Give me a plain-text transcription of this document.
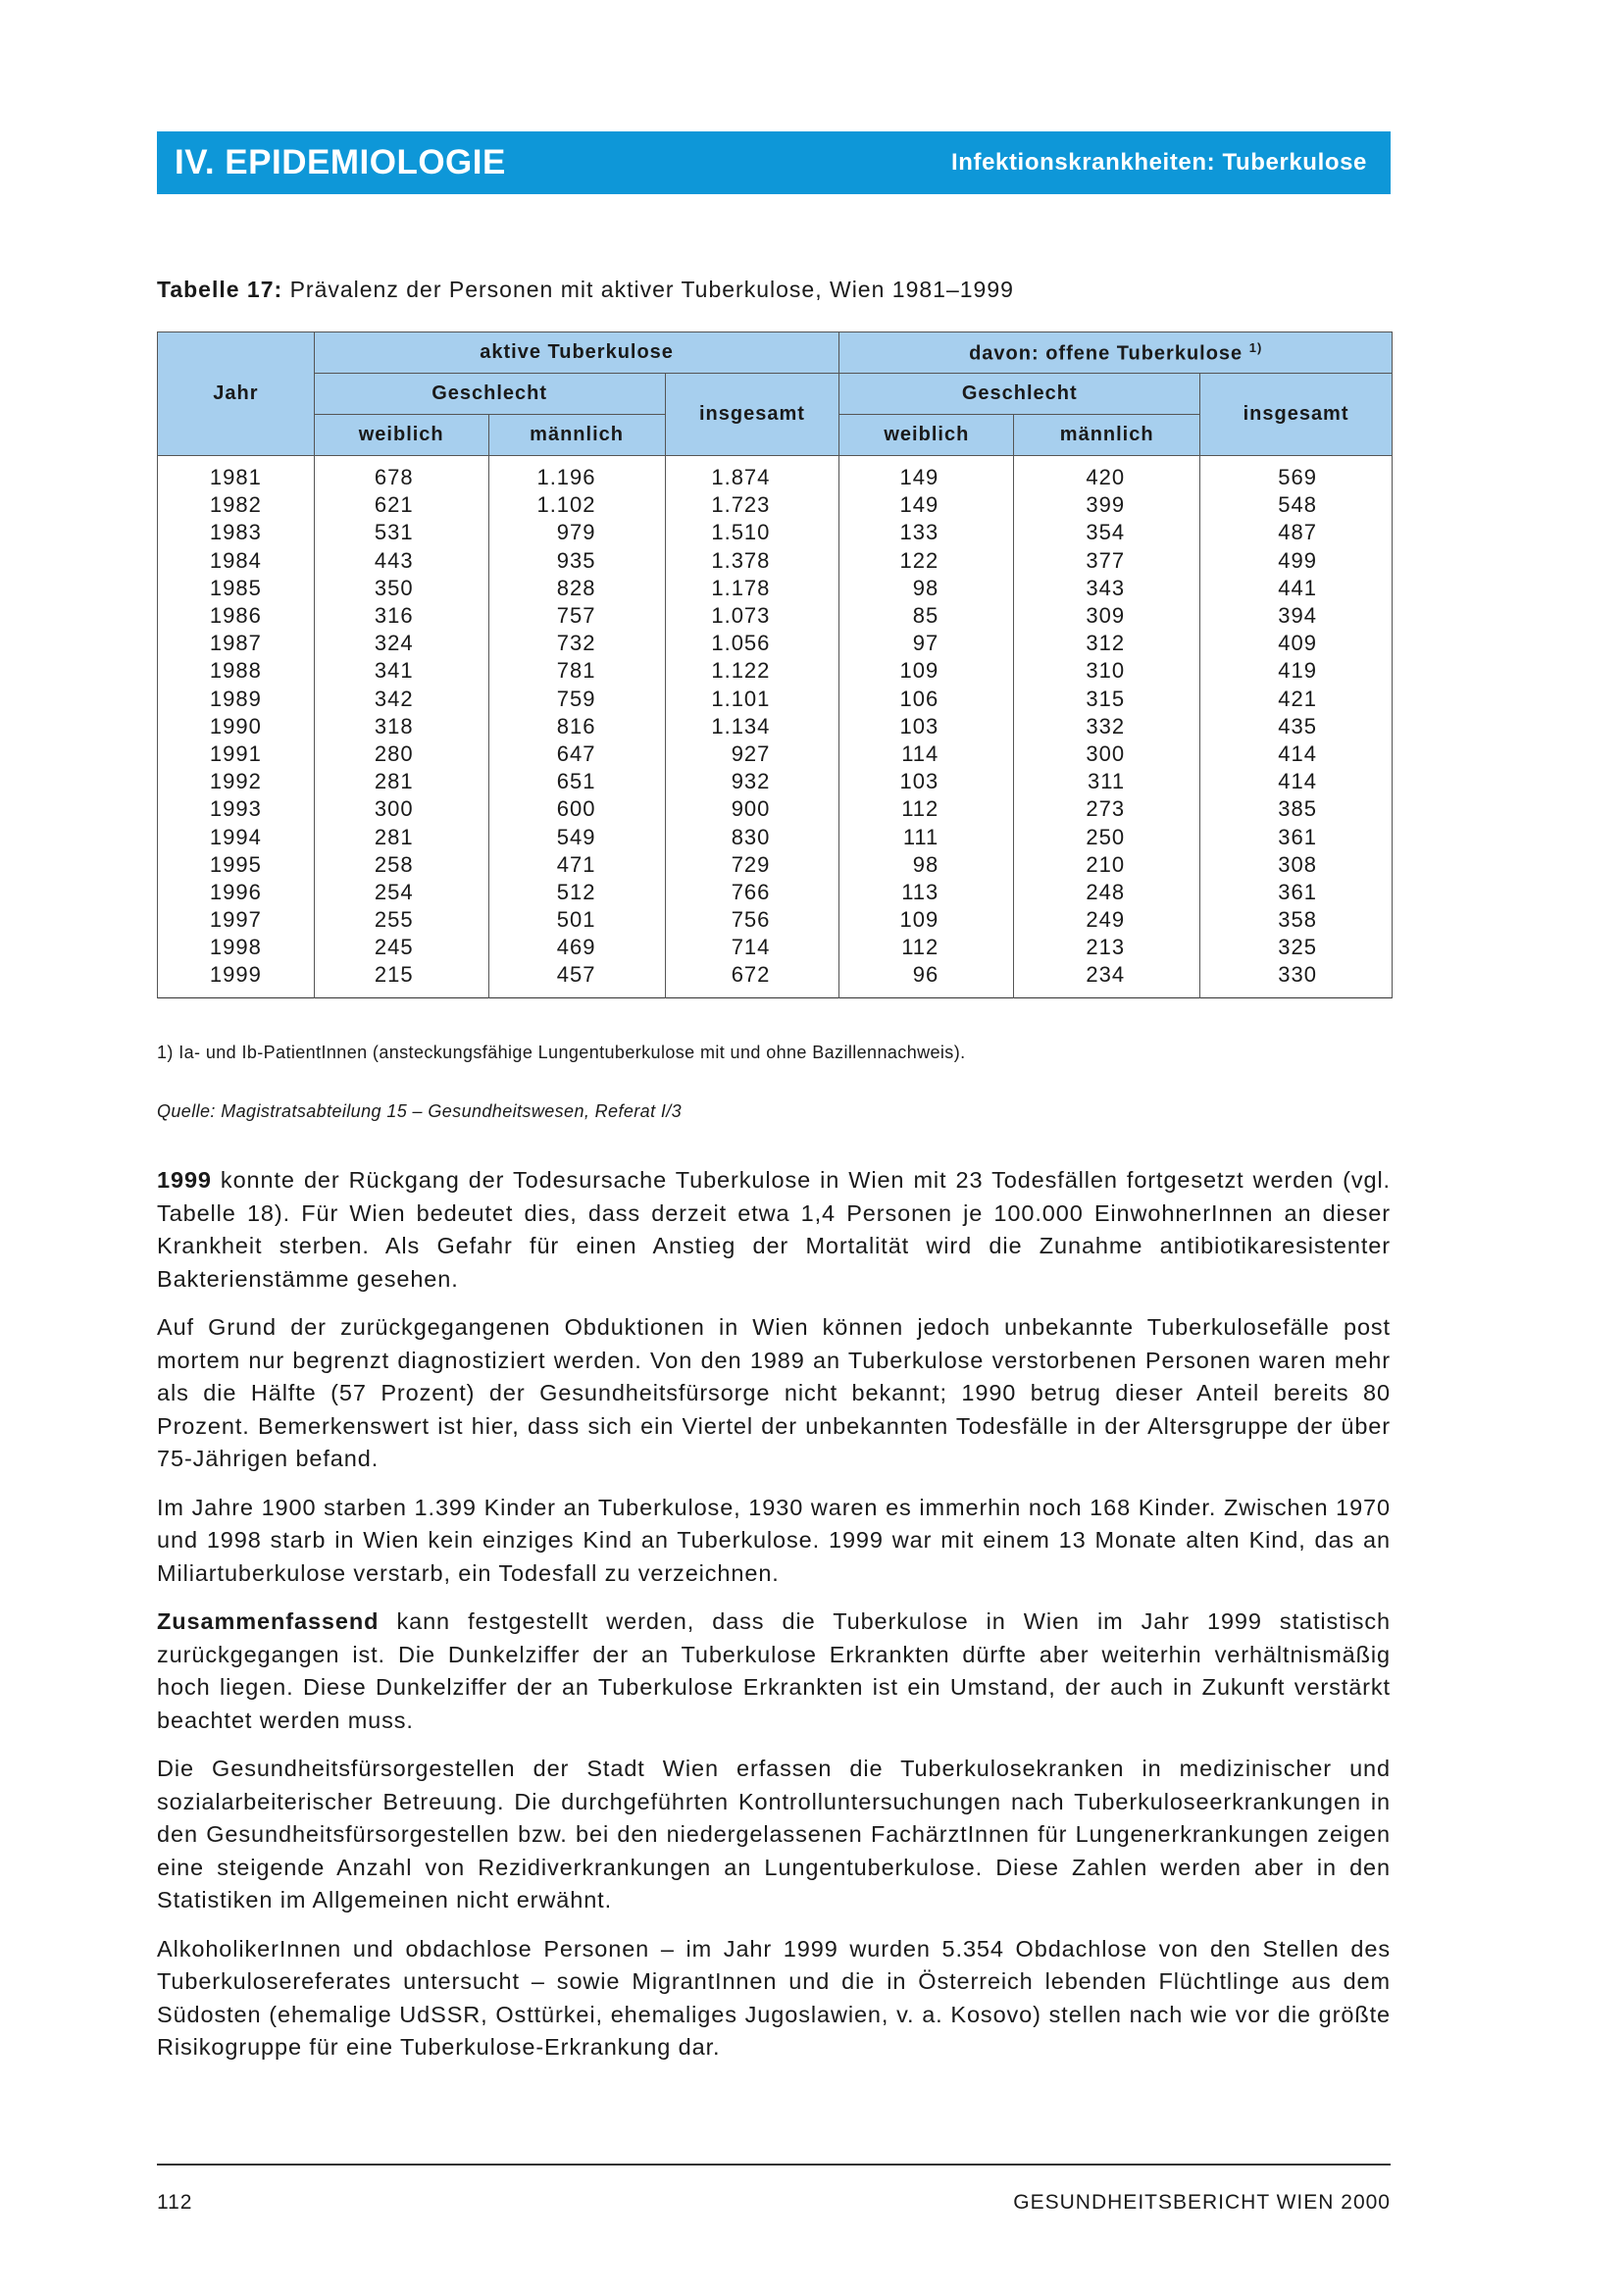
IV. EPIDEMIOLOGIE	Infektionskrankheiten: Tuberkulose
Tabelle 17: Prävalenz der Personen mit aktiver Tuberkulose, Wien 1981–1999
Jahr	aktive Tuberkulose			davon: offene Tuberkulose $^{1)}$
	Geschlecht		insgesamt	Geschlecht		insgesamt
	weiblich	männlich		weiblich	männlich	
1981	678	1.196	1.874	149	420	569
1982	621	1.102	1.723	149	399	548
1983	531	979	1.510	133	354	487
1984	443	935	1.378	122	377	499
1985	350	828	1.178	98	343	441
1986	316	757	1.073	85	309	394
1987	324	732	1.056	97	312	409
1988	341	781	1.122	109	310	419
1989	342	759	1.101	106	315	421
1990	318	816	1.134	103	332	435
1991	280	647	927	114	300	414
1992	281	651	932	103	311	414
1993	300	600	900	112	273	385
1994	281	549	830	111	250	361
1995	258	471	729	98	210	308
1996	254	512	766	113	248	361
1997	255	501	756	109	249	358
1998	245	469	714	112	213	325
1999	215	457	672	96	234	330
1) Ia- und Ib-PatientInnen (ansteckungsfähige Lungentuberkulose mit und ohne Bazillennachweis).
Quelle: Magistratsabteilung 15 – Gesundheitswesen, Referat I/3

1999 konnte der Rückgang der Todesursache Tuberkulose in Wien mit 23 Todesfällen fortgesetzt werden (vgl. Tabelle 18). Für Wien bedeutet dies, dass derzeit etwa 1,4 Personen je 100.000 EinwohnerInnen an dieser Krankheit sterben. Als Gefahr für einen Anstieg der Mortalität wird die Zunahme antibiotikaresistenter Bakterienstämme gesehen.

Auf Grund der zurückgegangenen Obduktionen in Wien können jedoch unbekannte Tuberkulosefälle post mortem nur begrenzt diagnostiziert werden. Von den 1989 an Tuberkulose verstorbenen Personen waren mehr als die Hälfte (57 Prozent) der Gesundheitsfürsorge nicht bekannt; 1990 betrug dieser Anteil bereits 80 Prozent. Bemerkenswert ist hier, dass sich ein Viertel der unbekannten Todesfälle in der Altersgruppe der über 75-Jährigen befand.

Im Jahre 1900 starben 1.399 Kinder an Tuberkulose, 1930 waren es immerhin noch 168 Kinder. Zwischen 1970 und 1998 starb in Wien kein einziges Kind an Tuberkulose. 1999 war mit einem 13 Monate alten Kind, das an Miliartuberkulose verstarb, ein Todesfall zu verzeichnen.

Zusammenfassend kann festgestellt werden, dass die Tuberkulose in Wien im Jahr 1999 statistisch zurückgegangen ist. Die Dunkelziffer der an Tuberkulose Erkrankten dürfte aber weiterhin verhältnismäßig hoch liegen. Diese Dunkelziffer der an Tuberkulose Erkrankten ist ein Umstand, der auch in Zukunft verstärkt beachtet werden muss.

Die Gesundheitsfürsorgestellen der Stadt Wien erfassen die Tuberkulosekranken in medizinischer und sozialarbeiterischer Betreuung. Die durchgeführten Kontrolluntersuchungen nach Tuberkuloseerkrankungen in den Gesundheitsfürsorgestellen bzw. bei den niedergelassenen FachärztInnen für Lungenerkrankungen zeigen eine steigende Anzahl von Rezidiverkrankungen an Lungentuberkulose. Diese Zahlen werden aber in den Statistiken im Allgemeinen nicht erwähnt.

AlkoholikerInnen und obdachlose Personen – im Jahr 1999 wurden 5.354 Obdachlose von den Stellen des Tuberkulosereferates untersucht – sowie MigrantInnen und die in Österreich lebenden Flüchtlinge aus dem Südosten (ehemalige UdSSR, Osttürkei, ehemaliges Jugoslawien, v. a. Kosovo) stellen nach wie vor die größte Risikogruppe für eine Tuberkulose-Erkrankung dar.

112	GESUNDHEITSBERICHT WIEN 2000
